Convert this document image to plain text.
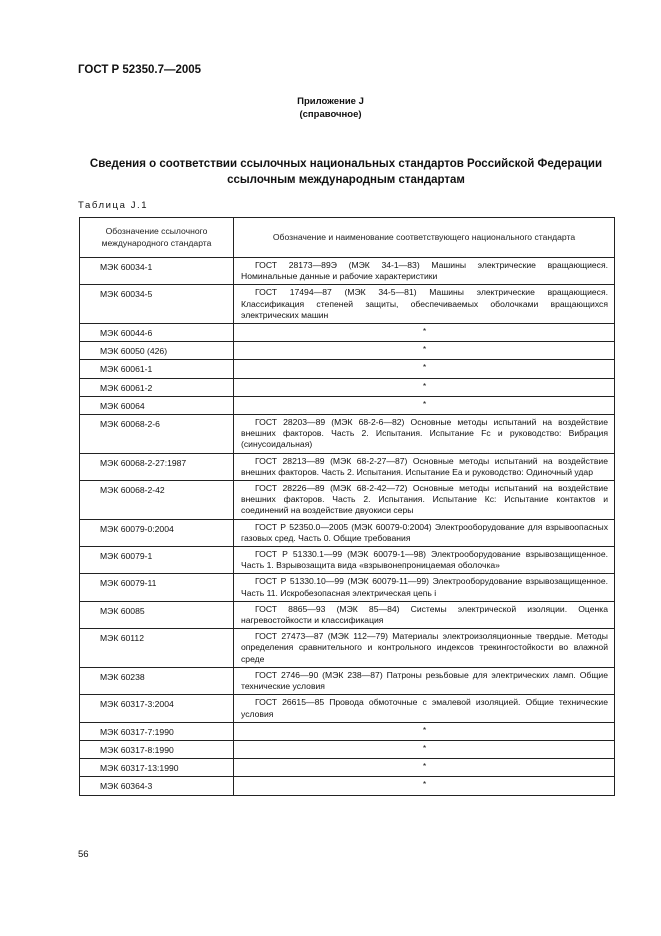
ГОСТ Р 52350.7—2005
Приложение J
(справочное)
Сведения о соответствии ссылочных национальных стандартов Российской Федерации
ссылочным международным стандартам
Таблица J.1
Обозначение ссылочного международного стандарта	Обозначение и наименование соответствующего национального стандарта
МЭК 60034-1	ГОСТ 28173—89Э (МЭК 34-1—83) Машины электрические вращающиеся. Номинальные данные и рабочие характеристики
МЭК 60034-5	ГОСТ 17494—87 (МЭК 34-5—81) Машины электрические вращающиеся. Классификация степеней защиты, обеспечиваемых оболочками вращающихся электрических машин
МЭК 60044-6	*
МЭК 60050 (426)	*
МЭК 60061-1	*
МЭК 60061-2	*
МЭК 60064	*
МЭК 60068-2-6	ГОСТ 28203—89 (МЭК 68-2-6—82) Основные методы испытаний на воздействие внешних факторов. Часть 2. Испытания. Испытание Fc и руководство: Вибрация (синусоидальная)
МЭК 60068-2-27:1987	ГОСТ 28213—89 (МЭК 68-2-27—87) Основные методы испытаний на воздействие внешних факторов. Часть 2. Испытания. Испытание Еа и руководство: Одиночный удар
МЭК 60068-2-42	ГОСТ 28226—89 (МЭК 68-2-42—72) Основные методы испытаний на воздействие внешних факторов. Часть 2. Испытания. Испытание Кс: Испытание контактов и соединений на воздействие двуокиси серы
МЭК 60079-0:2004	ГОСТ Р 52350.0—2005 (МЭК 60079-0:2004) Электрооборудование для взрывоопасных газовых сред. Часть 0. Общие требования
МЭК 60079-1	ГОСТ Р 51330.1—99 (МЭК 60079-1—98) Электрооборудование взрывозащищенное. Часть 1. Взрывозащита вида «взрывонепроницаемая оболочка»
МЭК 60079-11	ГОСТ Р 51330.10—99 (МЭК 60079-11—99) Электрооборудование взрывозащищенное. Часть 11. Искробезопасная электрическая цепь i
МЭК 60085	ГОСТ 8865—93 (МЭК 85—84) Системы электрической изоляции. Оценка нагревостойкости и классификация
МЭК 60112	ГОСТ 27473—87 (МЭК 112—79) Материалы электроизоляционные твердые. Методы определения сравнительного и контрольного индексов трекингостойкости во влажной среде
МЭК 60238	ГОСТ 2746—90 (МЭК 238—87) Патроны резьбовые для электрических ламп. Общие технические условия
МЭК 60317-3:2004	ГОСТ 26615—85 Провода обмоточные с эмалевой изоляцией. Общие технические условия
МЭК 60317-7:1990	*
МЭК 60317-8:1990	*
МЭК 60317-13:1990	*
МЭК 60364-3	*
56
